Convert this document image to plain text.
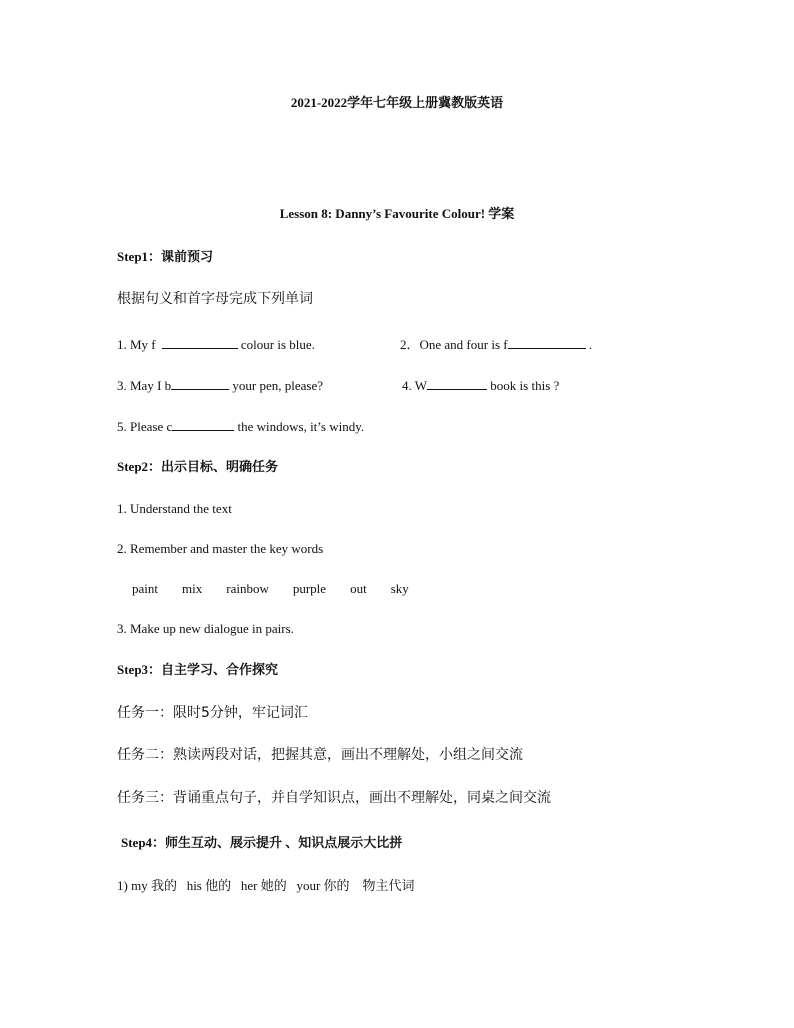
2021-2022学年七年级上册冀教版英语
Lesson 8: Danny’s Favourite Colour! 学案
Step1：课前预习
根据句义和首字母完成下列单词
1. My f	colour is blue.	2．One and four is f	.
3. May I b	your pen, please?	4. W	book is this ?
5. Please c	the windows, it’s windy.
Step2：出示目标、明确任务
1. Understand the text
2. Remember and master the key words
paint mix rainbow purple out sky
3. Make up new dialogue in pairs.
Step3：自主学习、合作探究
任务一：限时5分钟，牢记词汇
任务二：熟读两段对话，把握其意，画出不理解处，小组之间交流
任务三：背诵重点句子，并自学知识点，画出不理解处，同桌之间交流
Step4：师生互动、展示提升 、知识点展示大比拼
1) my 我的   his 他的   her 她的   your 你的    物主代词
